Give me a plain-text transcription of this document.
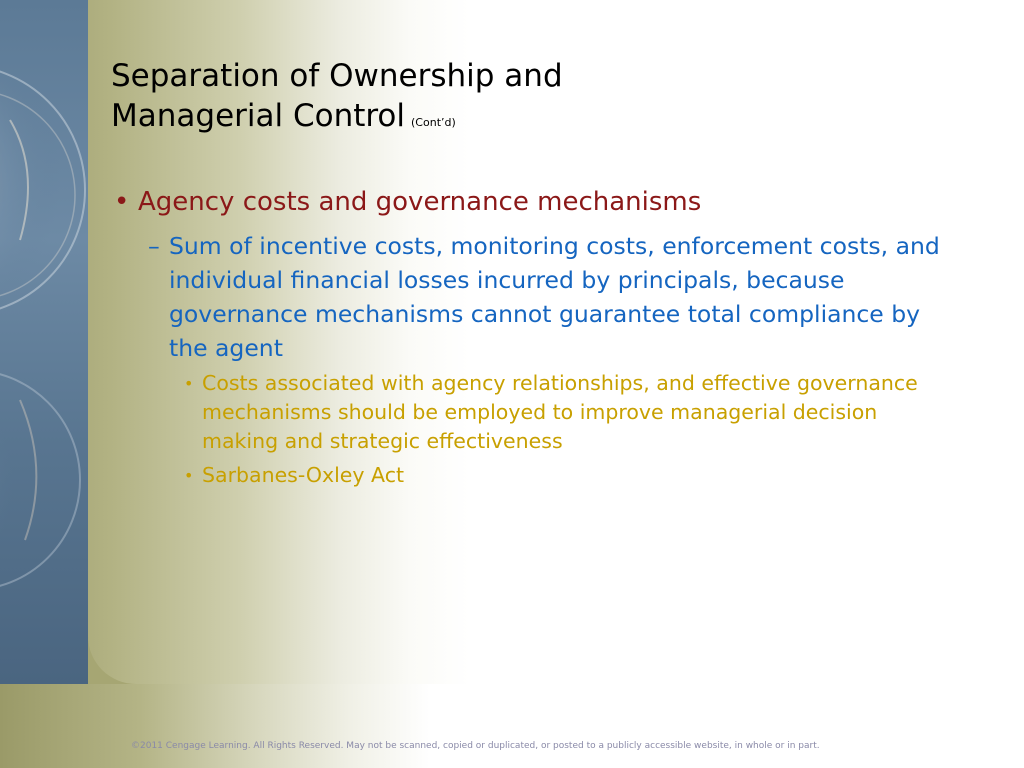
Separation of Ownership and
Managerial Control (Cont’d)
• Agency costs and governance mechanisms
– Sum of incentive costs, monitoring costs, enforcement costs, and individual financial losses incurred by principals, because governance mechanisms cannot guarantee total compliance by the agent
• Costs associated with agency relationships, and effective governance mechanisms should be employed to improve managerial decision making and strategic effectiveness
• Sarbanes-Oxley Act
©2011 Cengage Learning. All Rights Reserved. May not be scanned, copied or duplicated, or posted to a publicly accessible website, in whole or in part.
